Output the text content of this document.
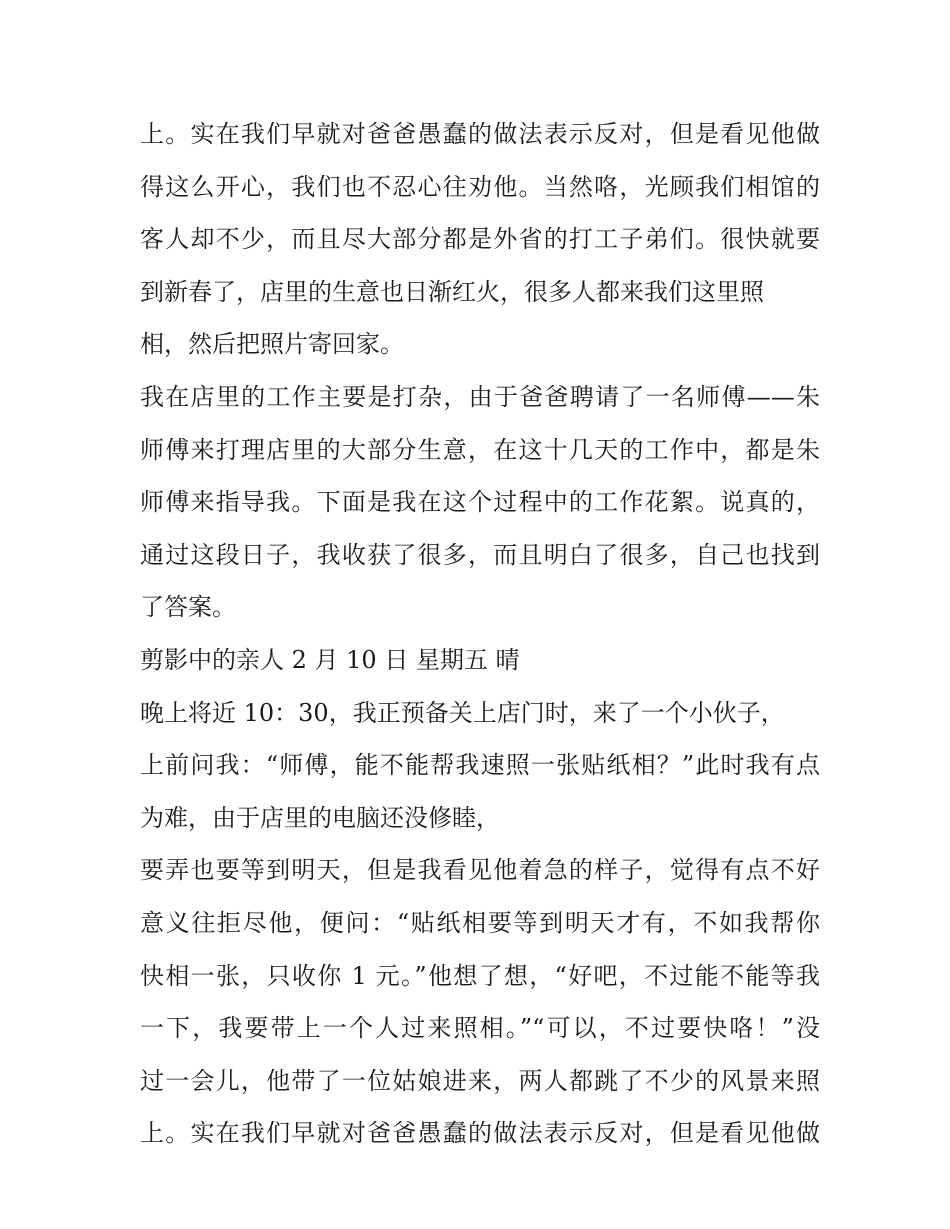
上。实在我们早就对爸爸愚蠢的做法表示反对，但是看见他做
得这么开心，我们也不忍心往劝他。当然咯，光顾我们相馆的
客人却不少，而且尽大部分都是外省的打工子弟们。很快就要
到新春了，店里的生意也日渐红火，很多人都来我们这里照
相，然后把照片寄回家。
我在店里的工作主要是打杂，由于爸爸聘请了一名师傅——朱
师傅来打理店里的大部分生意，在这十几天的工作中，都是朱
师傅来指导我。下面是我在这个过程中的工作花絮。说真的，
通过这段日子，我收获了很多，而且明白了很多，自己也找到
了答案。
剪影中的亲人 2 月 10 日 星期五 晴
晚上将近 10：30，我正预备关上店门时，来了一个小伙子，
上前问我：“师傅，能不能帮我速照一张贴纸相？”此时我有点
为难，由于店里的电脑还没修睦，
要弄也要等到明天，但是我看见他着急的样子，觉得有点不好
意义往拒尽他，便问：“贴纸相要等到明天才有，不如我帮你
快相一张，只收你 1 元。”他想了想，“好吧，不过能不能等我
一下，我要带上一个人过来照相。”“可以，不过要快咯！”没
过一会儿，他带了一位姑娘进来，两人都跳了不少的风景来照
上。实在我们早就对爸爸愚蠢的做法表示反对，但是看见他做
